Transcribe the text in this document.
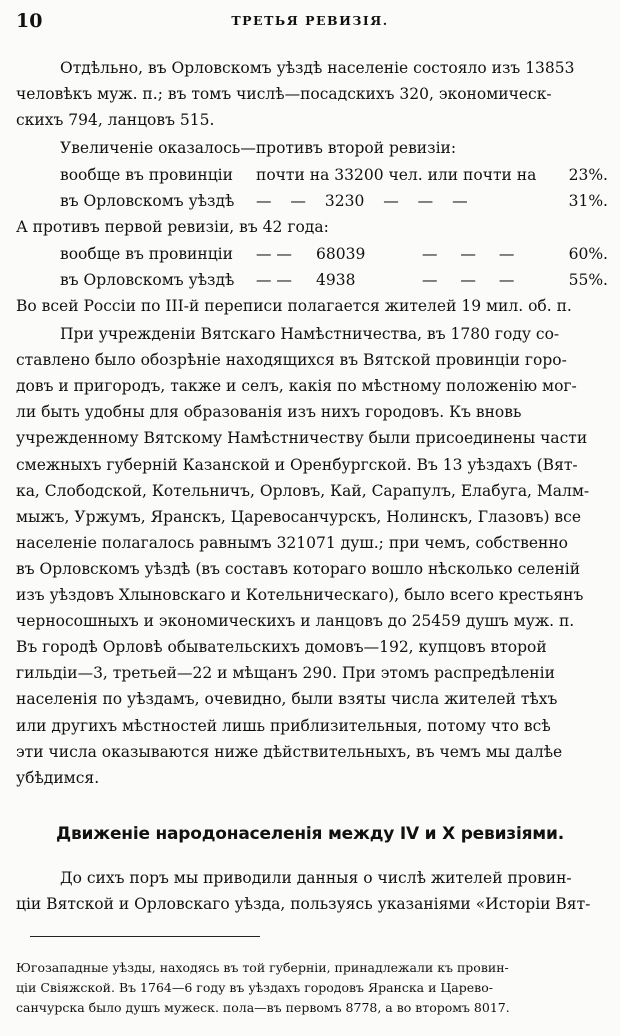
10	ТРЕТЬЯ РЕВИЗІЯ.
Отдѣльно, въ Орловскомъ уѣздѣ населеніе состояло изъ 13853
человѣкъ муж. п.; въ томъ числѣ—посадскихъ 320, экономическ-
скихъ 794, ланцовъ 515.
Увеличеніе оказалось—противъ второй ревизіи:
вообще въ провинціи	почти на 33200 чел. или почти на	23%.
въ Орловскомъ уѣздѣ	— — 3230 — — —	31%.
А противъ первой ревизіи, въ 42 года:
вообще въ провинціи	— —	68039	— — —	60%.
въ Орловскомъ уѣздѣ	— —	4938	— — —	55%.
Во всей Россіи по III-й переписи полагается жителей 19 мил. об. п.
При учрежденіи Вятскаго Намѣстничества, въ 1780 году со-
ставлено было обозрѣніе находящихся въ Вятской провинціи горо-
довъ и пригородъ, также и селъ, какія по мѣстному положенію мог-
ли быть удобны для образованія изъ нихъ городовъ. Къ вновь
учрежденному Вятскому Намѣстничеству были присоединены части
смежныхъ губерній Казанской и Оренбургской. Въ 13 уѣздахъ (Вят-
ка, Слободской, Котельничъ, Орловъ, Кай, Сарапулъ, Елабуга, Малм-
мыжъ, Уржумъ, Яранскъ, Царевосанчурскъ, Нолинскъ, Глазовъ) все
населеніе полагалось равнымъ 321071 душ.; при чемъ, собственно
въ Орловскомъ уѣздѣ (въ составъ котораго вошло нѣсколько селеній
изъ уѣздовъ Хлыновскаго и Котельническаго), было всего крестьянъ
черносошныхъ и экономическихъ и ланцовъ до 25459 душъ муж. п.
Въ городѣ Орловѣ обывательскихъ домовъ—192, купцовъ второй
гильдіи—3, третьей—22 и мѣщанъ 290. При этомъ распредѣленіи
населенія по уѣздамъ, очевидно, были взяты числа жителей тѣхъ
или другихъ мѣстностей лишь приблизительныя, потому что всѣ
эти числа оказываются ниже дѣйствительныхъ, въ чемъ мы далѣе
убѣдимся.
Движеніе народонаселенія между IV и X ревизіями.
До сихъ поръ мы приводили данныя о числѣ жителей провин-
ціи Вятской и Орловскаго уѣзда, пользуясь указаніями «Исторіи Вят-
Югозападные уѣзды, находясь въ той губерніи, принадлежали къ провин-
ціи Свіяжской. Въ 1764—6 году въ уѣздахъ городовъ Яранска и Царево-
санчурска было душъ мужеск. пола—въ первомъ 8778, а во второмъ 8017.
